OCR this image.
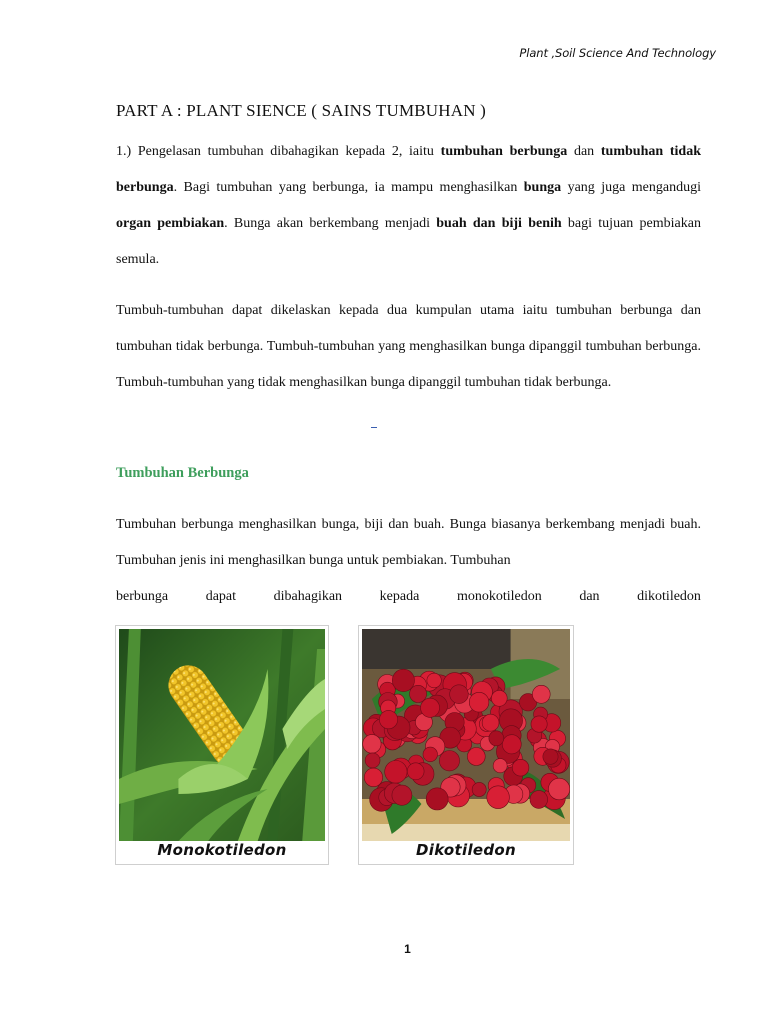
Plant ,Soil Science And Technology
PART A : PLANT SIENCE ( SAINS TUMBUHAN )
1.) Pengelasan tumbuhan dibahagikan kepada 2, iaitu tumbuhan berbunga dan tumbuhan tidak berbunga. Bagi tumbuhan yang berbunga, ia mampu menghasilkan bunga yang juga mengandugi organ pembiakan. Bunga akan berkembang menjadi buah dan biji benih bagi tujuan pembiakan semula.
Tumbuh-tumbuhan dapat dikelaskan kepada dua kumpulan utama iaitu tumbuhan berbunga dan tumbuhan tidak berbunga. Tumbuh-tumbuhan yang menghasilkan bunga dipanggil tumbuhan berbunga. Tumbuh-tumbuhan yang tidak menghasilkan bunga dipanggil tumbuhan tidak berbunga.
Tumbuhan Berbunga
Tumbuhan berbunga menghasilkan bunga, biji dan buah. Bunga biasanya berkembang menjadi buah. Tumbuhan jenis ini menghasilkan bunga untuk pembiakan. Tumbuhan
berbunga	dapat	dibahagikan	kepada	monokotiledon	dan	dikotiledon
Monokotiledon	Dikotiledon
1
